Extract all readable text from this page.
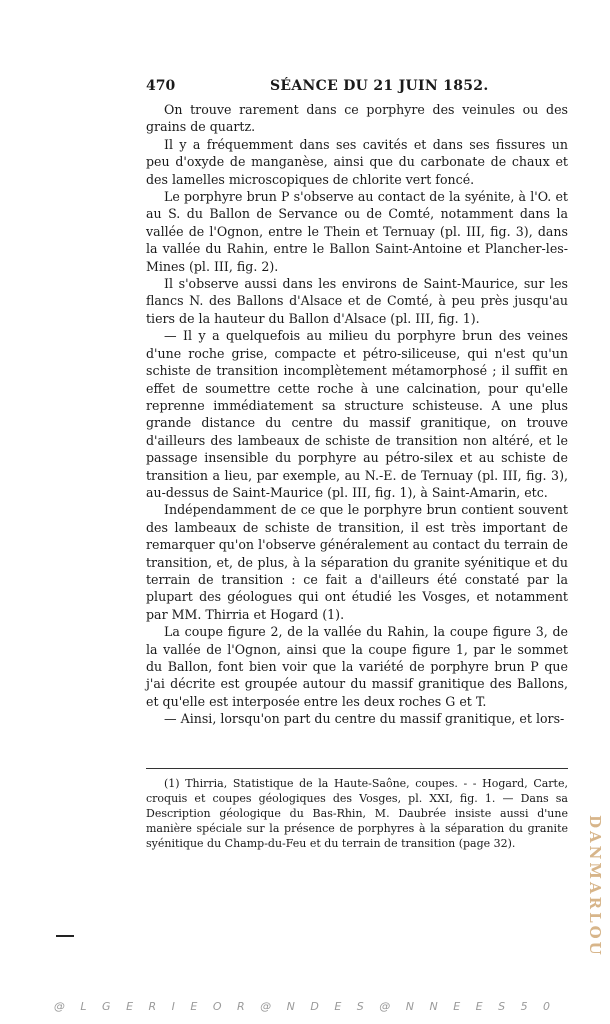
470	SÉANCE DU 21 JUIN 1852.

On trouve rarement dans ce porphyre des veinules ou des grains de quartz.

Il y a fréquemment dans ses cavités et dans ses fissures un peu d'oxyde de manganèse, ainsi que du carbonate de chaux et des lamelles microscopiques de chlorite vert foncé.

Le porphyre brun P s'observe au contact de la syénite, à l'O. et au S. du Ballon de Servance ou de Comté, notamment dans la vallée de l'Ognon, entre le Thein et Ternuay (pl. III, fig. 3), dans la vallée du Rahin, entre le Ballon Saint-Antoine et Plancher-les-Mines (pl. III, fig. 2).

Il s'observe aussi dans les environs de Saint-Maurice, sur les flancs N. des Ballons d'Alsace et de Comté, à peu près jusqu'au tiers de la hauteur du Ballon d'Alsace (pl. III, fig. 1).

— Il y a quelquefois au milieu du porphyre brun des veines d'une roche grise, compacte et pétro-siliceuse, qui n'est qu'un schiste de transition incomplètement métamorphosé ; il suffit en effet de soumettre cette roche à une calcination, pour qu'elle reprenne immédiatement sa structure schisteuse. A une plus grande distance du centre du massif granitique, on trouve d'ailleurs des lambeaux de schiste de transition non altéré, et le passage insensible du porphyre au pétro-silex et au schiste de transition a lieu, par exemple, au N.-E. de Ternuay (pl. III, fig. 3), au-dessus de Saint-Maurice (pl. III, fig. 1), à Saint-Amarin, etc.

Indépendamment de ce que le porphyre brun contient souvent des lambeaux de schiste de transition, il est très important de remarquer qu'on l'observe généralement au contact du terrain de transition, et, de plus, à la séparation du granite syénitique et du terrain de transition : ce fait a d'ailleurs été constaté par la plupart des géologues qui ont étudié les Vosges, et notamment par MM. Thirria et Hogard (1).

La coupe figure 2, de la vallée du Rahin, la coupe figure 3, de la vallée de l'Ognon, ainsi que la coupe figure 1, par le sommet du Ballon, font bien voir que la variété de porphyre brun P que j'ai décrite est groupée autour du massif granitique des Ballons, et qu'elle est interposée entre les deux roches G et T.

— Ainsi, lorsqu'on part du centre du massif granitique, et lors-

(1) Thirria, Statistique de la Haute-Saône, coupes. - - Hogard, Carte, croquis et coupes géologiques des Vosges, pl. XXI, fig. 1. — Dans sa Description géologique du Bas-Rhin, M. Daubrée insiste aussi d'une manière spéciale sur la présence de porphyres à la séparation du granite syénitique du Champ-du-Feu et du terrain de transition (page 32).	DANMARLOU
@ L G E R I E O R @ N D E S @ N N E E S 5 0
